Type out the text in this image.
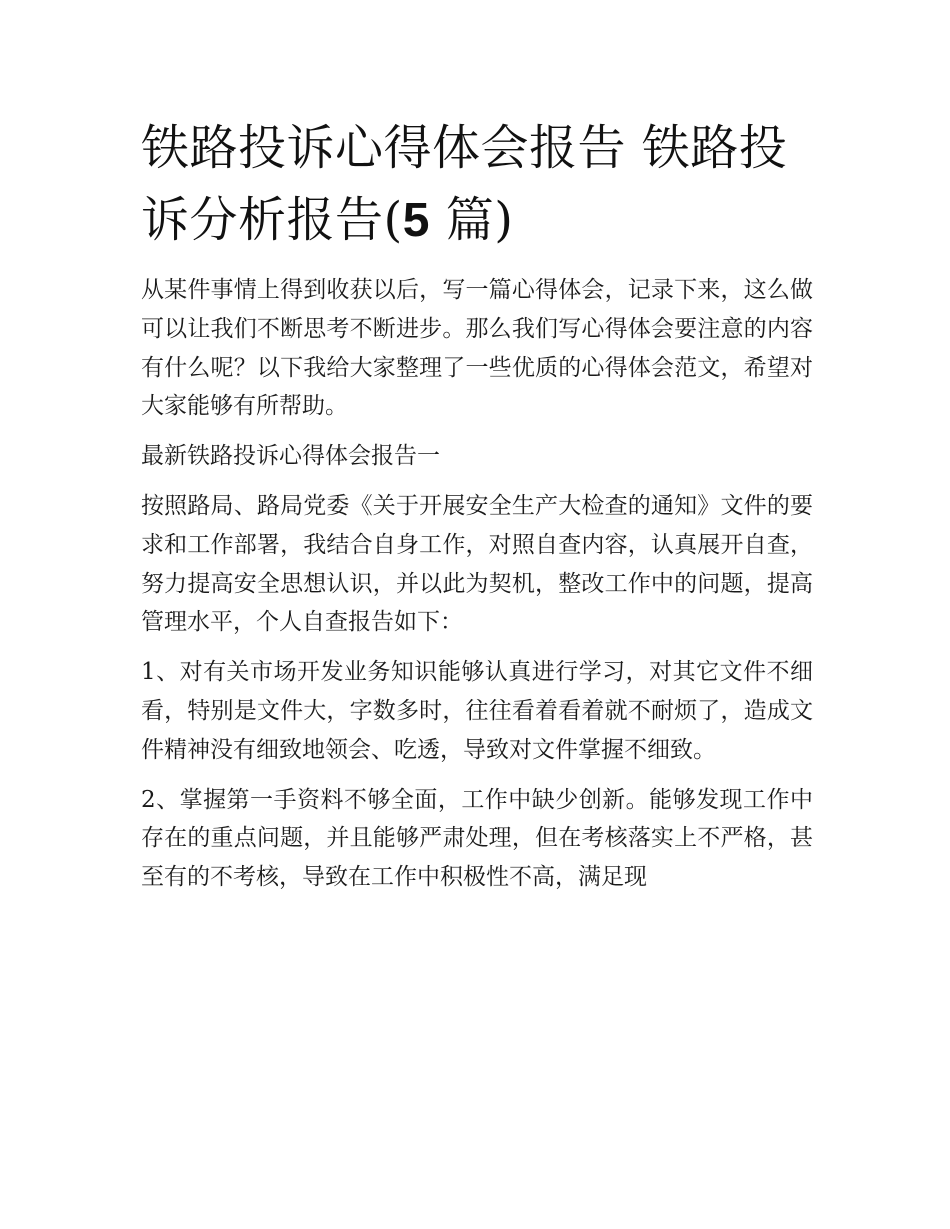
铁路投诉心得体会报告 铁路投诉分析报告(5 篇)

从某件事情上得到收获以后，写一篇心得体会，记录下来，这么做可以让我们不断思考不断进步。那么我们写心得体会要注意的内容有什么呢？以下我给大家整理了一些优质的心得体会范文，希望对大家能够有所帮助。

最新铁路投诉心得体会报告一

按照路局、路局党委《关于开展安全生产大检查的通知》文件的要求和工作部署，我结合自身工作，对照自查内容，认真展开自查，努力提高安全思想认识，并以此为契机，整改工作中的问题，提高管理水平，个人自查报告如下：

1、对有关市场开发业务知识能够认真进行学习，对其它文件不细看，特别是文件大，字数多时，往往看着看着就不耐烦了，造成文件精神没有细致地领会、吃透，导致对文件掌握不细致。

2、掌握第一手资料不够全面，工作中缺少创新。能够发现工作中存在的重点问题，并且能够严肃处理，但在考核落实上不严格，甚至有的不考核，导致在工作中积极性不高，满足现
